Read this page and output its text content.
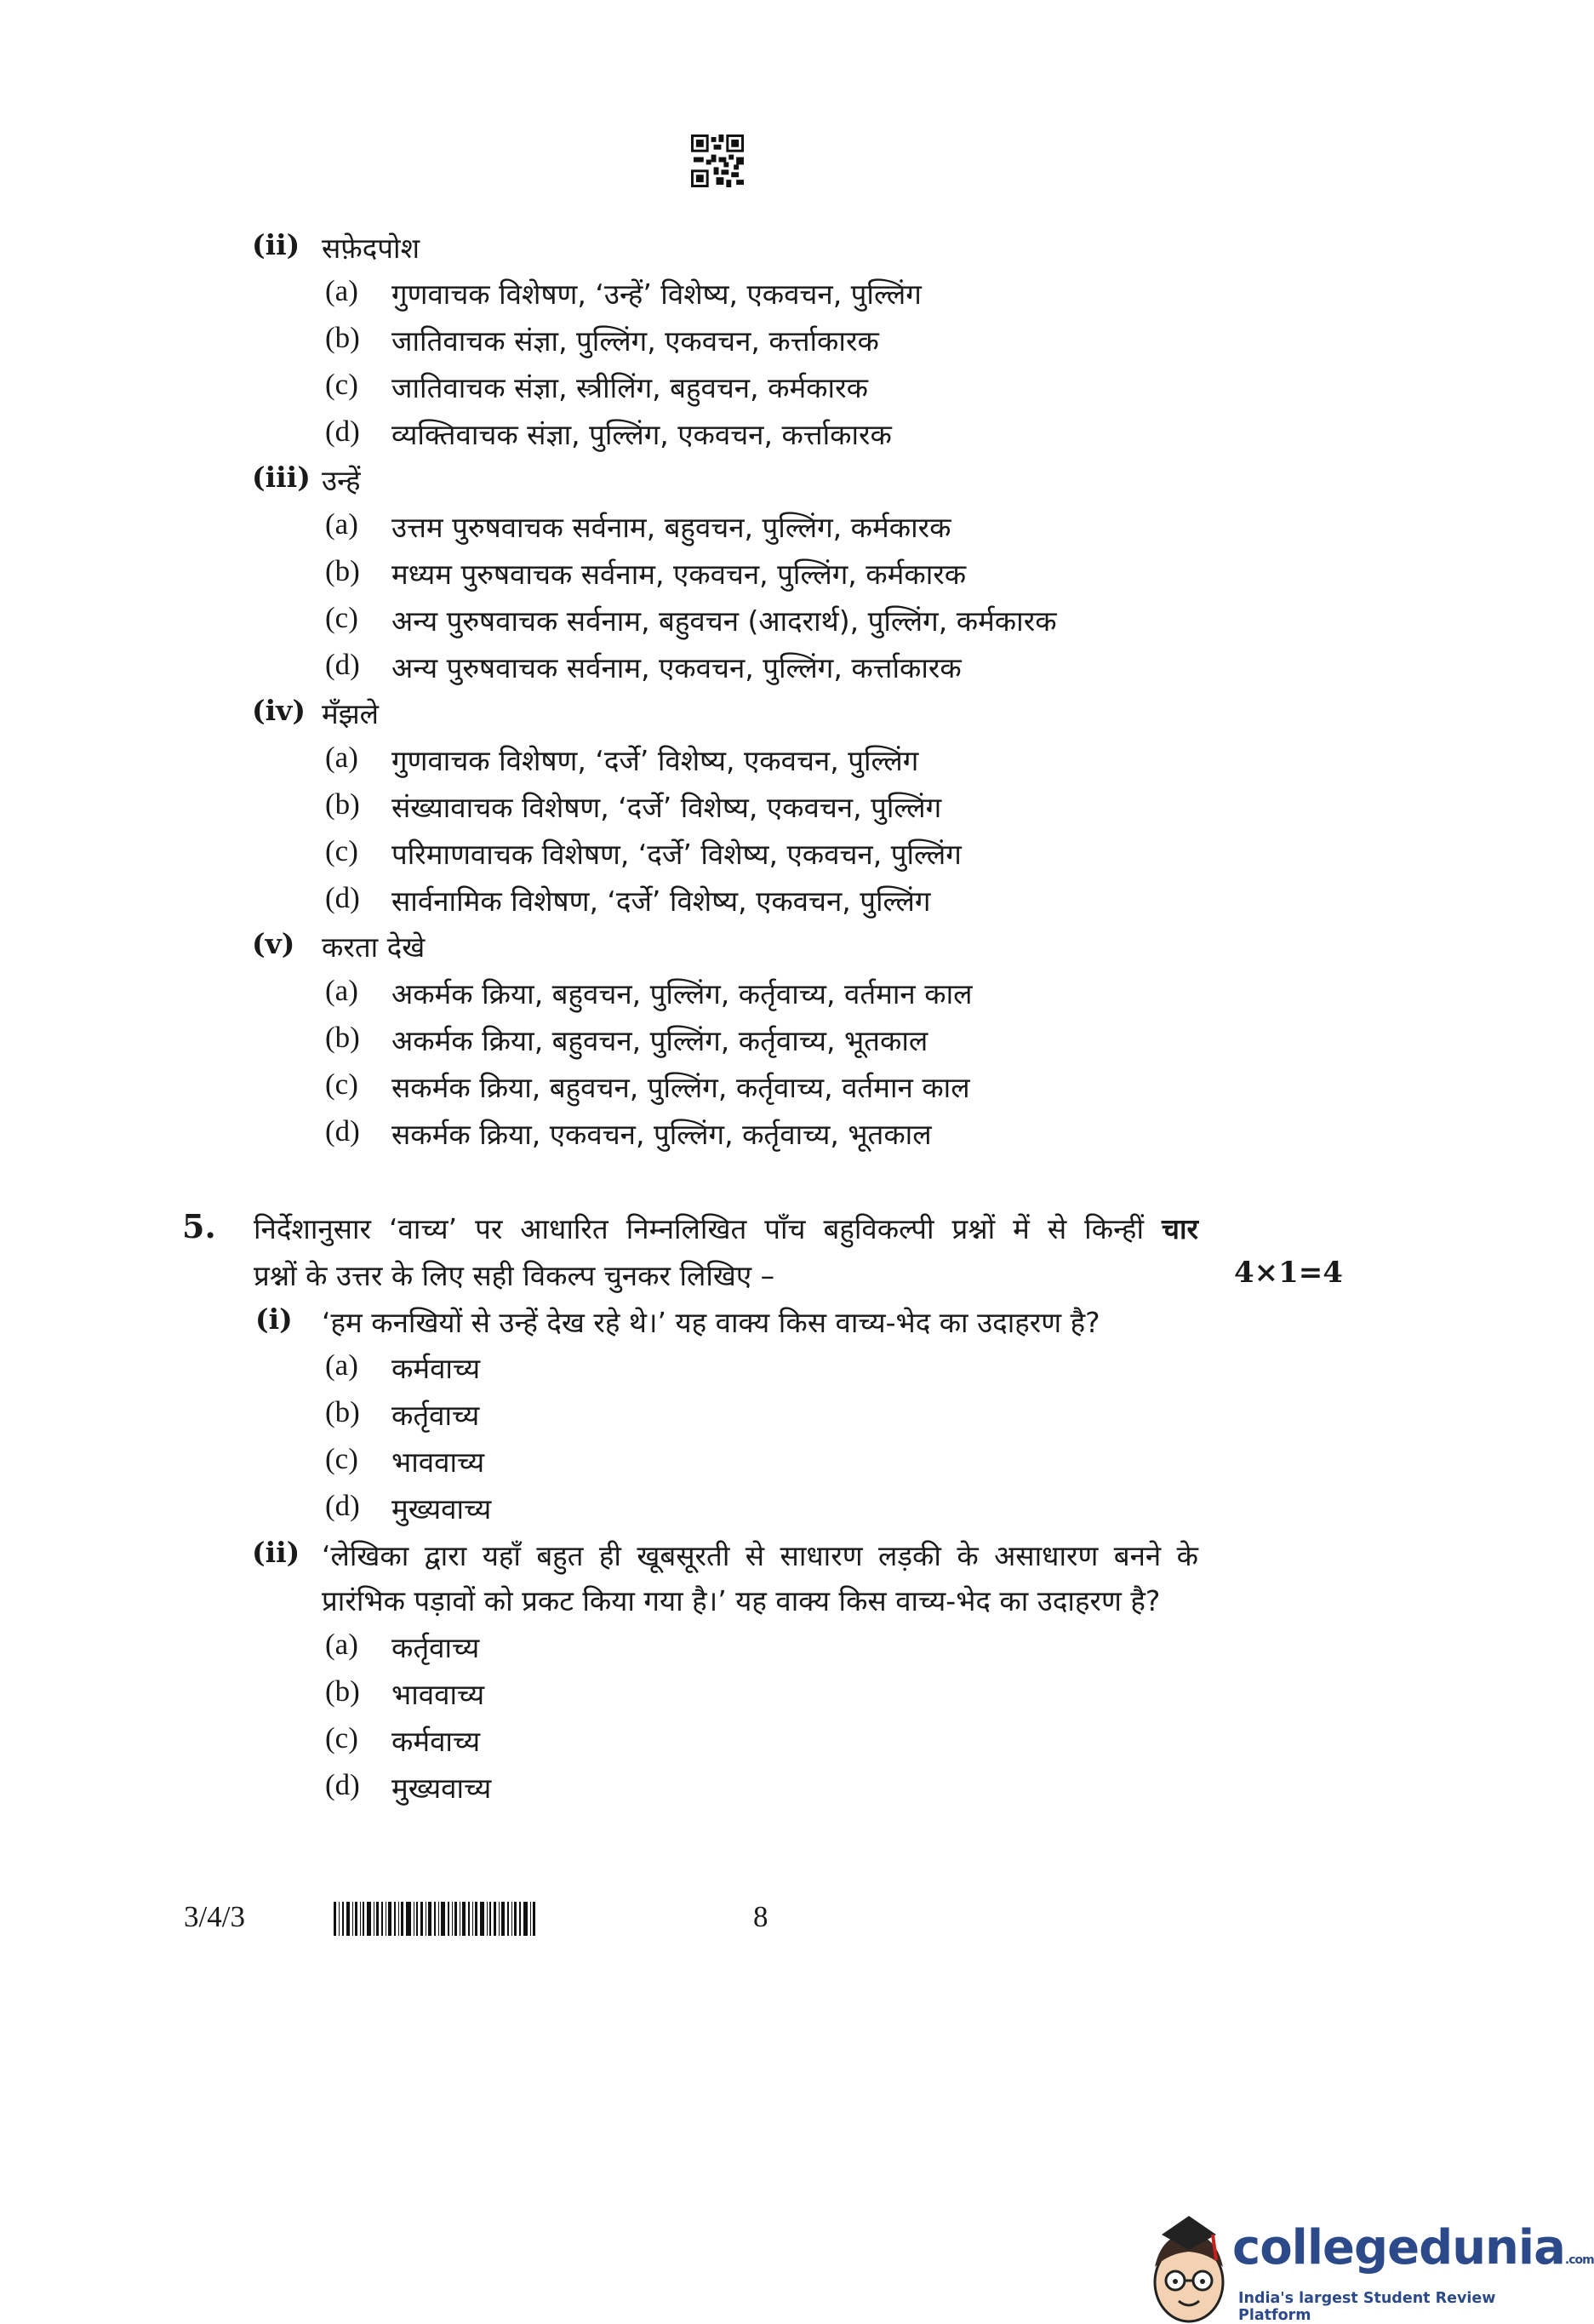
(ii) सफ़ेदपोश
(a) गुणवाचक विशेषण, ‘उन्हें’ विशेष्य, एकवचन, पुल्लिंग
(b) जातिवाचक संज्ञा, पुल्लिंग, एकवचन, कर्त्ताकारक
(c) जातिवाचक संज्ञा, स्त्रीलिंग, बहुवचन, कर्मकारक
(d) व्यक्तिवाचक संज्ञा, पुल्लिंग, एकवचन, कर्त्ताकारक
(iii) उन्हें
(a) उत्तम पुरुषवाचक सर्वनाम, बहुवचन, पुल्लिंग, कर्मकारक
(b) मध्यम पुरुषवाचक सर्वनाम, एकवचन, पुल्लिंग, कर्मकारक
(c) अन्य पुरुषवाचक सर्वनाम, बहुवचन (आदरार्थ), पुल्लिंग, कर्मकारक
(d) अन्य पुरुषवाचक सर्वनाम, एकवचन, पुल्लिंग, कर्त्ताकारक
(iv) मँझले
(a) गुणवाचक विशेषण, ‘दर्जे’ विशेष्य, एकवचन, पुल्लिंग
(b) संख्यावाचक विशेषण, ‘दर्जे’ विशेष्य, एकवचन, पुल्लिंग
(c) परिमाणवाचक विशेषण, ‘दर्जे’ विशेष्य, एकवचन, पुल्लिंग
(d) सार्वनामिक विशेषण, ‘दर्जे’ विशेष्य, एकवचन, पुल्लिंग
(v) करता देखे
(a) अकर्मक क्रिया, बहुवचन, पुल्लिंग, कर्तृवाच्य, वर्तमान काल
(b) अकर्मक क्रिया, बहुवचन, पुल्लिंग, कर्तृवाच्य, भूतकाल
(c) सकर्मक क्रिया, बहुवचन, पुल्लिंग, कर्तृवाच्य, वर्तमान काल
(d) सकर्मक क्रिया, एकवचन, पुल्लिंग, कर्तृवाच्य, भूतकाल
5. निर्देशानुसार ‘वाच्य’ पर आधारित निम्नलिखित पाँच बहुविकल्पी प्रश्नों में से किन्हीं चार
प्रश्नों के उत्तर के लिए सही विकल्प चुनकर लिखिए –	4×1=4
(i) ‘हम कनखियों से उन्हें देख रहे थे।’ यह वाक्य किस वाच्य-भेद का उदाहरण है?
(a) कर्मवाच्य
(b) कर्तृवाच्य
(c) भाववाच्य
(d) मुख्यवाच्य
(ii) ‘लेखिका द्वारा यहाँ बहुत ही खूबसूरती से साधारण लड़की के असाधारण बनने के
प्रारंभिक पड़ावों को प्रकट किया गया है।’ यह वाक्य किस वाच्य-भेद का उदाहरण है?
(a) कर्तृवाच्य
(b) भाववाच्य
(c) कर्मवाच्य
(d) मुख्यवाच्य
3/4/3	8
collegedunia.com
India's largest Student Review Platform
